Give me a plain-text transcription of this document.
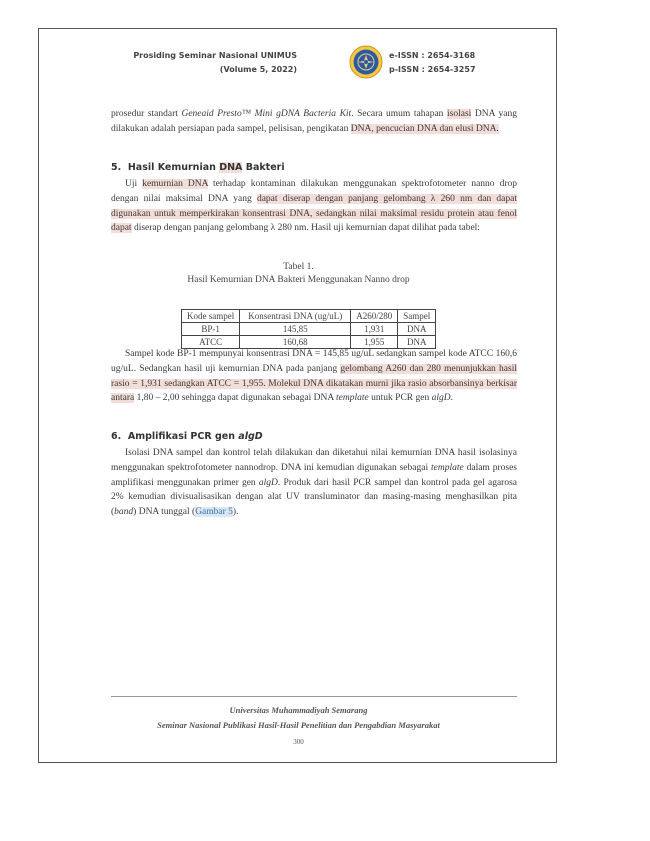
Prosiding Seminar Nasional UNIMUS
(Volume 5, 2022)
e-ISSN : 2654-3168
p-ISSN : 2654-3257

prosedur standart Geneaid Presto™ Mini gDNA Bacteria Kit. Secara umum tahapan isolasi DNA yang dilakukan adalah persiapan pada sampel, pelisisan, pengikatan DNA, pencucian DNA dan elusi DNA.

5. Hasil Kemurnian DNA Bakteri

Uji kemurnian DNA terhadap kontaminan dilakukan menggunakan spektrofotometer nanno drop dengan nilai maksimal DNA yang dapat diserap dengan panjang gelombang λ 260 nm dan dapat digunakan untuk memperkirakan konsentrasi DNA, sedangkan nilai maksimal residu protein atau fenol dapat diserap dengan panjang gelombang λ 280 nm. Hasil uji kemurnian dapat dilihat pada tabel:

Tabel 1.
Hasil Kemurnian DNA Bakteri Menggunakan Nanno drop
Kode sampel	Konsentrasi DNA (ug/uL)	A260/280	Sampel
BP-1	145,85	1,931	DNA
ATCC	160,68	1,955	DNA

Sampel kode BP-1 mempunyai konsentrasi DNA = 145,85 ug/uL sedangkan sampel kode ATCC 160,6 ug/uL. Sedangkan hasil uji kemurnian DNA pada panjang gelombang A260 dan 280 menunjukkan hasil rasio = 1,931 sedangkan ATCC = 1,955. Molekul DNA dikatakan murni jika rasio absorbansinya berkisar antara 1,80 – 2,00 sehingga dapat digunakan sebagai DNA template untuk PCR gen algD.

6. Amplifikasi PCR gen algD

Isolasi DNA sampel dan kontrol telah dilakukan dan diketahui nilai kemurnian DNA hasil isolasinya menggunakan spektrofotometer nannodrop. DNA ini kemudian digunakan sebagai template dalam proses amplifikasi menggunakan primer gen algD. Produk dari hasil PCR sampel dan kontrol pada gel agarosa 2% kemudian divisualisasikan dengan alat UV transluminator dan masing-masing menghasilkan pita (band) DNA tunggal (Gambar 5).

Universitas Muhammadiyah Semarang
Seminar Nasional Publikasi Hasil-Hasil Penelitian dan Pengabdian Masyarakat
300
